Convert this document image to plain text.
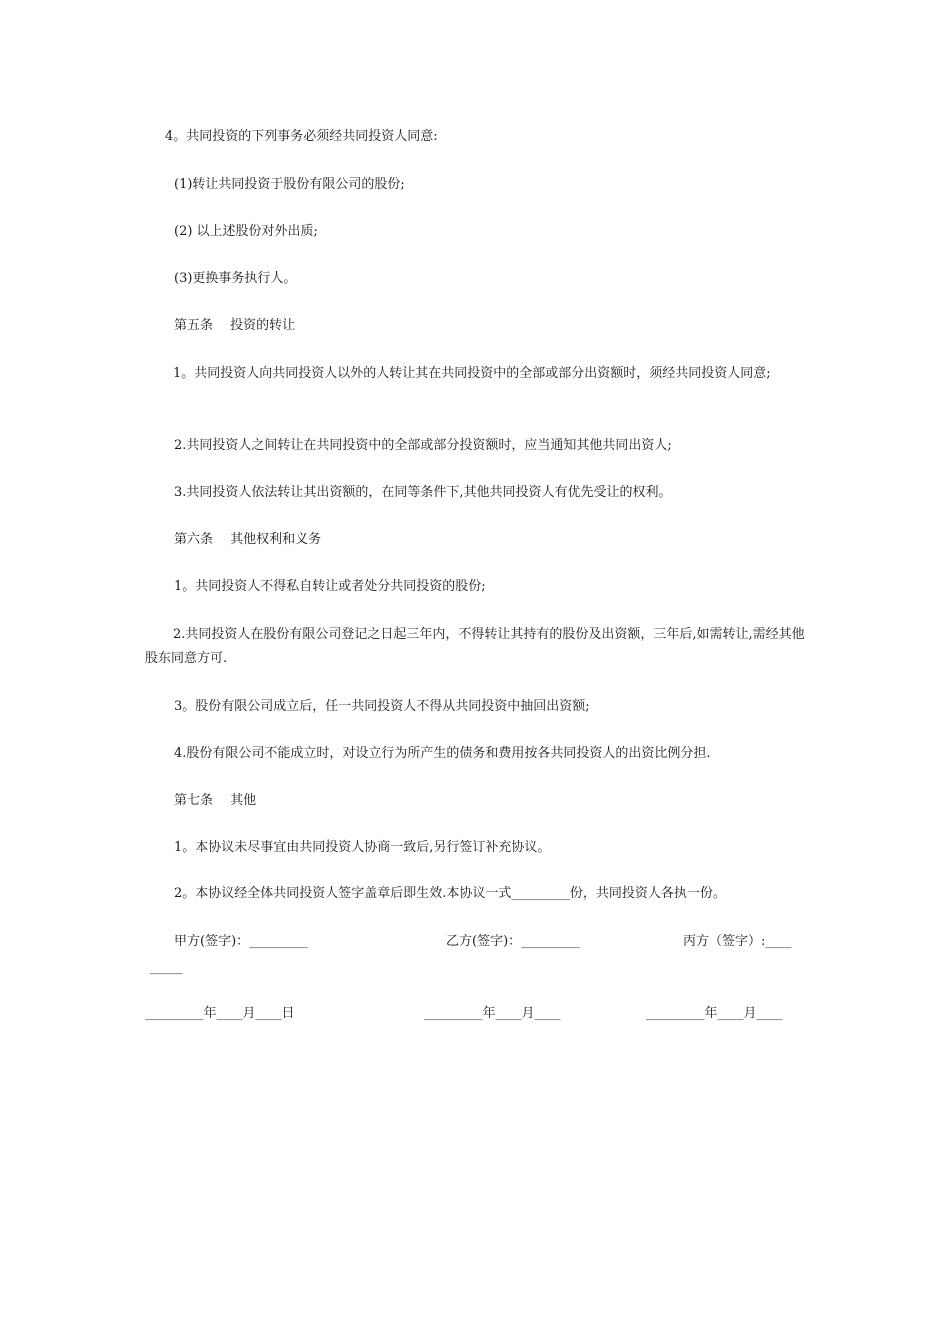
4。共同投资的下列事务必须经共同投资人同意:
(1)转让共同投资于股份有限公司的股份;
(2) 以上述股份对外出质;
(3)更换事务执行人。
第五条　 投资的转让
1。共同投资人向共同投资人以外的人转让其在共同投资中的全部或部分出资额时，须经共同投资人同意;
2.共同投资人之间转让在共同投资中的全部或部分投资额时，应当通知其他共同出资人;
3.共同投资人依法转让其出资额的，在同等条件下,其他共同投资人有优先受让的权利。
第六条　 其他权利和义务
1。共同投资人不得私自转让或者处分共同投资的股份;
2.共同投资人在股份有限公司登记之日起三年内，不得转让其持有的股份及出资额，三年后,如需转让,需经其他股东同意方可.
3。股份有限公司成立后，任一共同投资人不得从共同投资中抽回出资额;
4.股份有限公司不能成立时，对设立行为所产生的债务和费用按各共同投资人的出资比例分担.
第七条　 其他
1。本协议未尽事宜由共同投资人协商一致后,另行签订补充协议。
2。本协议经全体共同投资人签字盖章后即生效.本协议一式_________份，共同投资人各执一份。
甲方(签字)：_________	乙方(签字)：_________	丙方（签字）:____
_____
_________年____月____日	_________年____月____	_________年____月____
